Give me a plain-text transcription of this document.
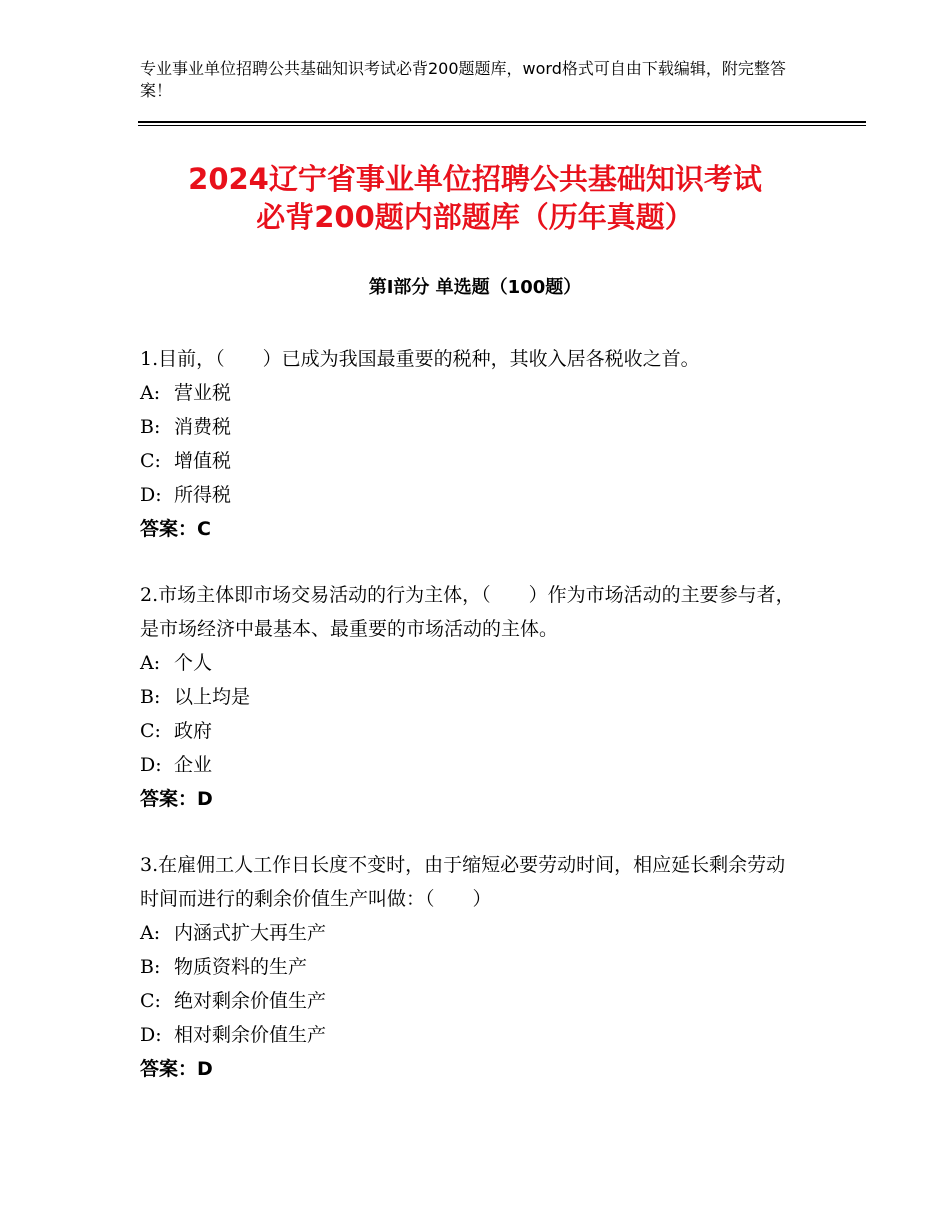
专业事业单位招聘公共基础知识考试必背200题题库，word格式可自由下载编辑，附完整答案！
2024辽宁省事业单位招聘公共基础知识考试
必背200题内部题库（历年真题）
第Ⅰ部分 单选题（100题）
1.目前，（　　）已成为我国最重要的税种，其收入居各税收之首。
A: 营业税
B: 消费税
C: 增值税
D: 所得税
答案：C
2.市场主体即市场交易活动的行为主体，（　　）作为市场活动的主要参与者，是市场经济中最基本、最重要的市场活动的主体。
A: 个人
B: 以上均是
C: 政府
D: 企业
答案：D
3.在雇佣工人工作日长度不变时，由于缩短必要劳动时间，相应延长剩余劳动时间而进行的剩余价值生产叫做：（　　）
A: 内涵式扩大再生产
B: 物质资料的生产
C: 绝对剩余价值生产
D: 相对剩余价值生产
答案：D
